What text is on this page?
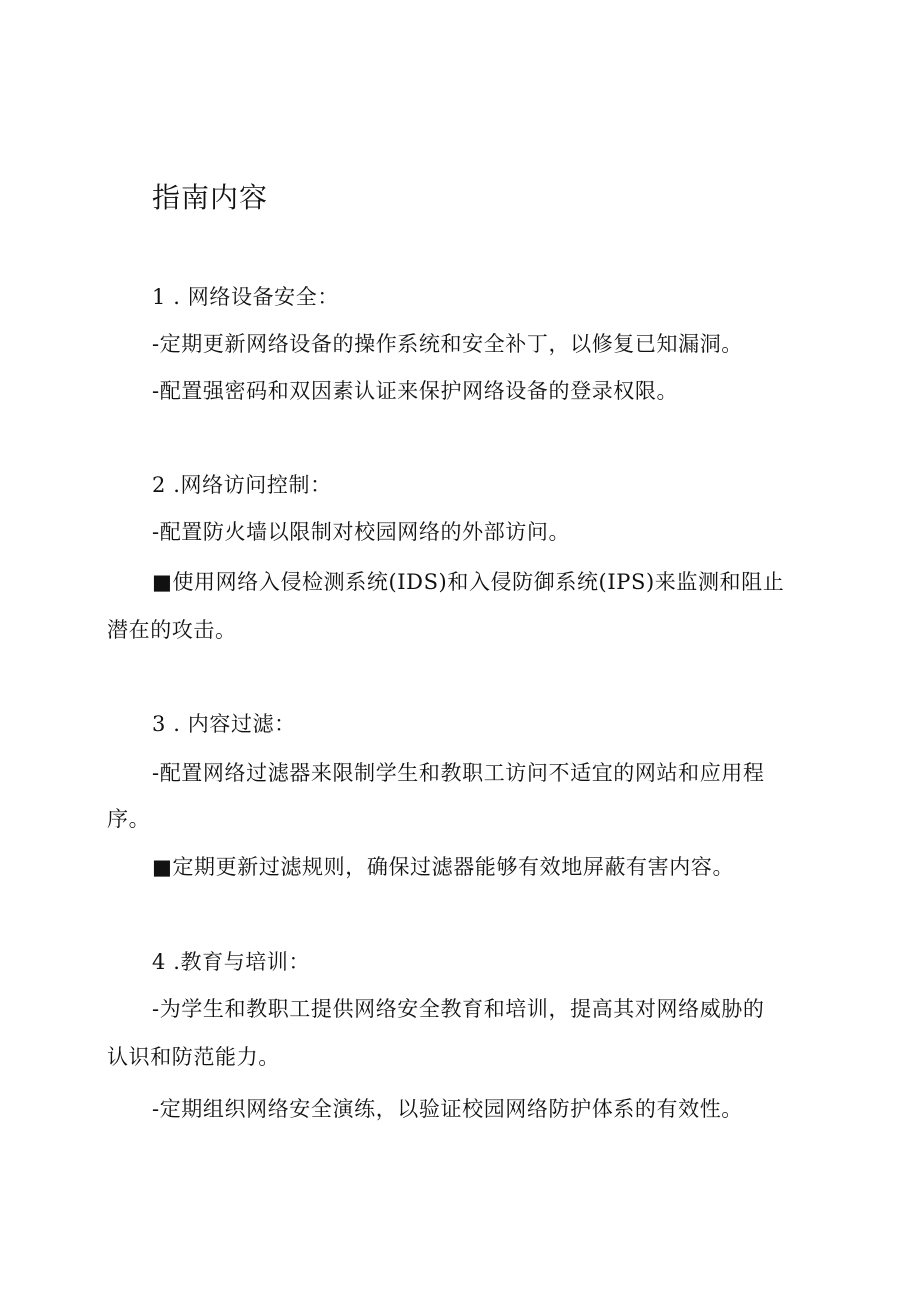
指南内容
1 . 网络设备安全：
-定期更新网络设备的操作系统和安全补丁，以修复已知漏洞。
-配置强密码和双因素认证来保护网络设备的登录权限。
2 .网络访问控制：
-配置防火墙以限制对校园网络的外部访问。
■使用网络入侵检测系统(IDS)和入侵防御系统(IPS)来监测和阻止
潜在的攻击。
3 . 内容过滤：
-配置网络过滤器来限制学生和教职工访问不适宜的网站和应用程
序。
■定期更新过滤规则，确保过滤器能够有效地屏蔽有害内容。
4 .教育与培训：
-为学生和教职工提供网络安全教育和培训，提高其对网络威胁的
认识和防范能力。
-定期组织网络安全演练，以验证校园网络防护体系的有效性。
